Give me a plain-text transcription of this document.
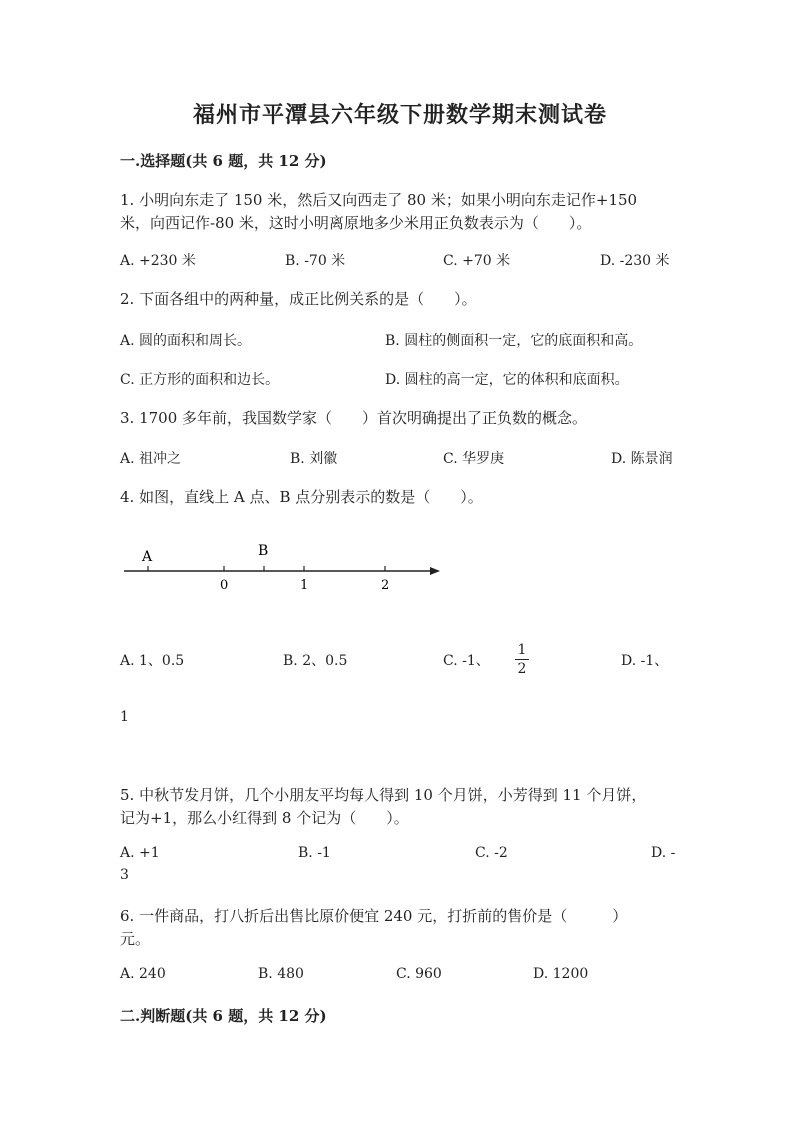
福州市平潭县六年级下册数学期末测试卷
一.选择题(共 6 题，共 12 分)
1. 小明向东走了 150 米，然后又向西走了 80 米；如果小明向东走记作+150
米，向西记作-80 米，这时小明离原地多少米用正负数表示为（　　）。
A. +230 米	B. -70 米	C. +70 米	D. -230 米
2. 下面各组中的两种量，成正比例关系的是（　　）。
A. 圆的面积和周长。	B. 圆柱的侧面积一定，它的底面积和高。
C. 正方形的面积和边长。	D. 圆柱的高一定，它的体积和底面积。
3. 1700 多年前，我国数学家（　　）首次明确提出了正负数的概念。
A. 祖冲之	B. 刘徽	C. 华罗庚	D. 陈景润
4. 如图，直线上 A 点、B 点分别表示的数是（　　）。
A	B
0	1	2
A. 1、0.5	B. 2、0.5	C. -1、
1
2	D. -1、
1
5. 中秋节发月饼，几个小朋友平均每人得到 10 个月饼，小芳得到 11 个月饼，
记为+1，那么小红得到 8 个记为（　　）。
A. +1	B. -1	C. -2	D. -
3
6. 一件商品，打八折后出售比原价便宜 240 元，打折前的售价是（　　　）
元。
A. 240	B. 480	C. 960	D. 1200
二.判断题(共 6 题，共 12 分)
